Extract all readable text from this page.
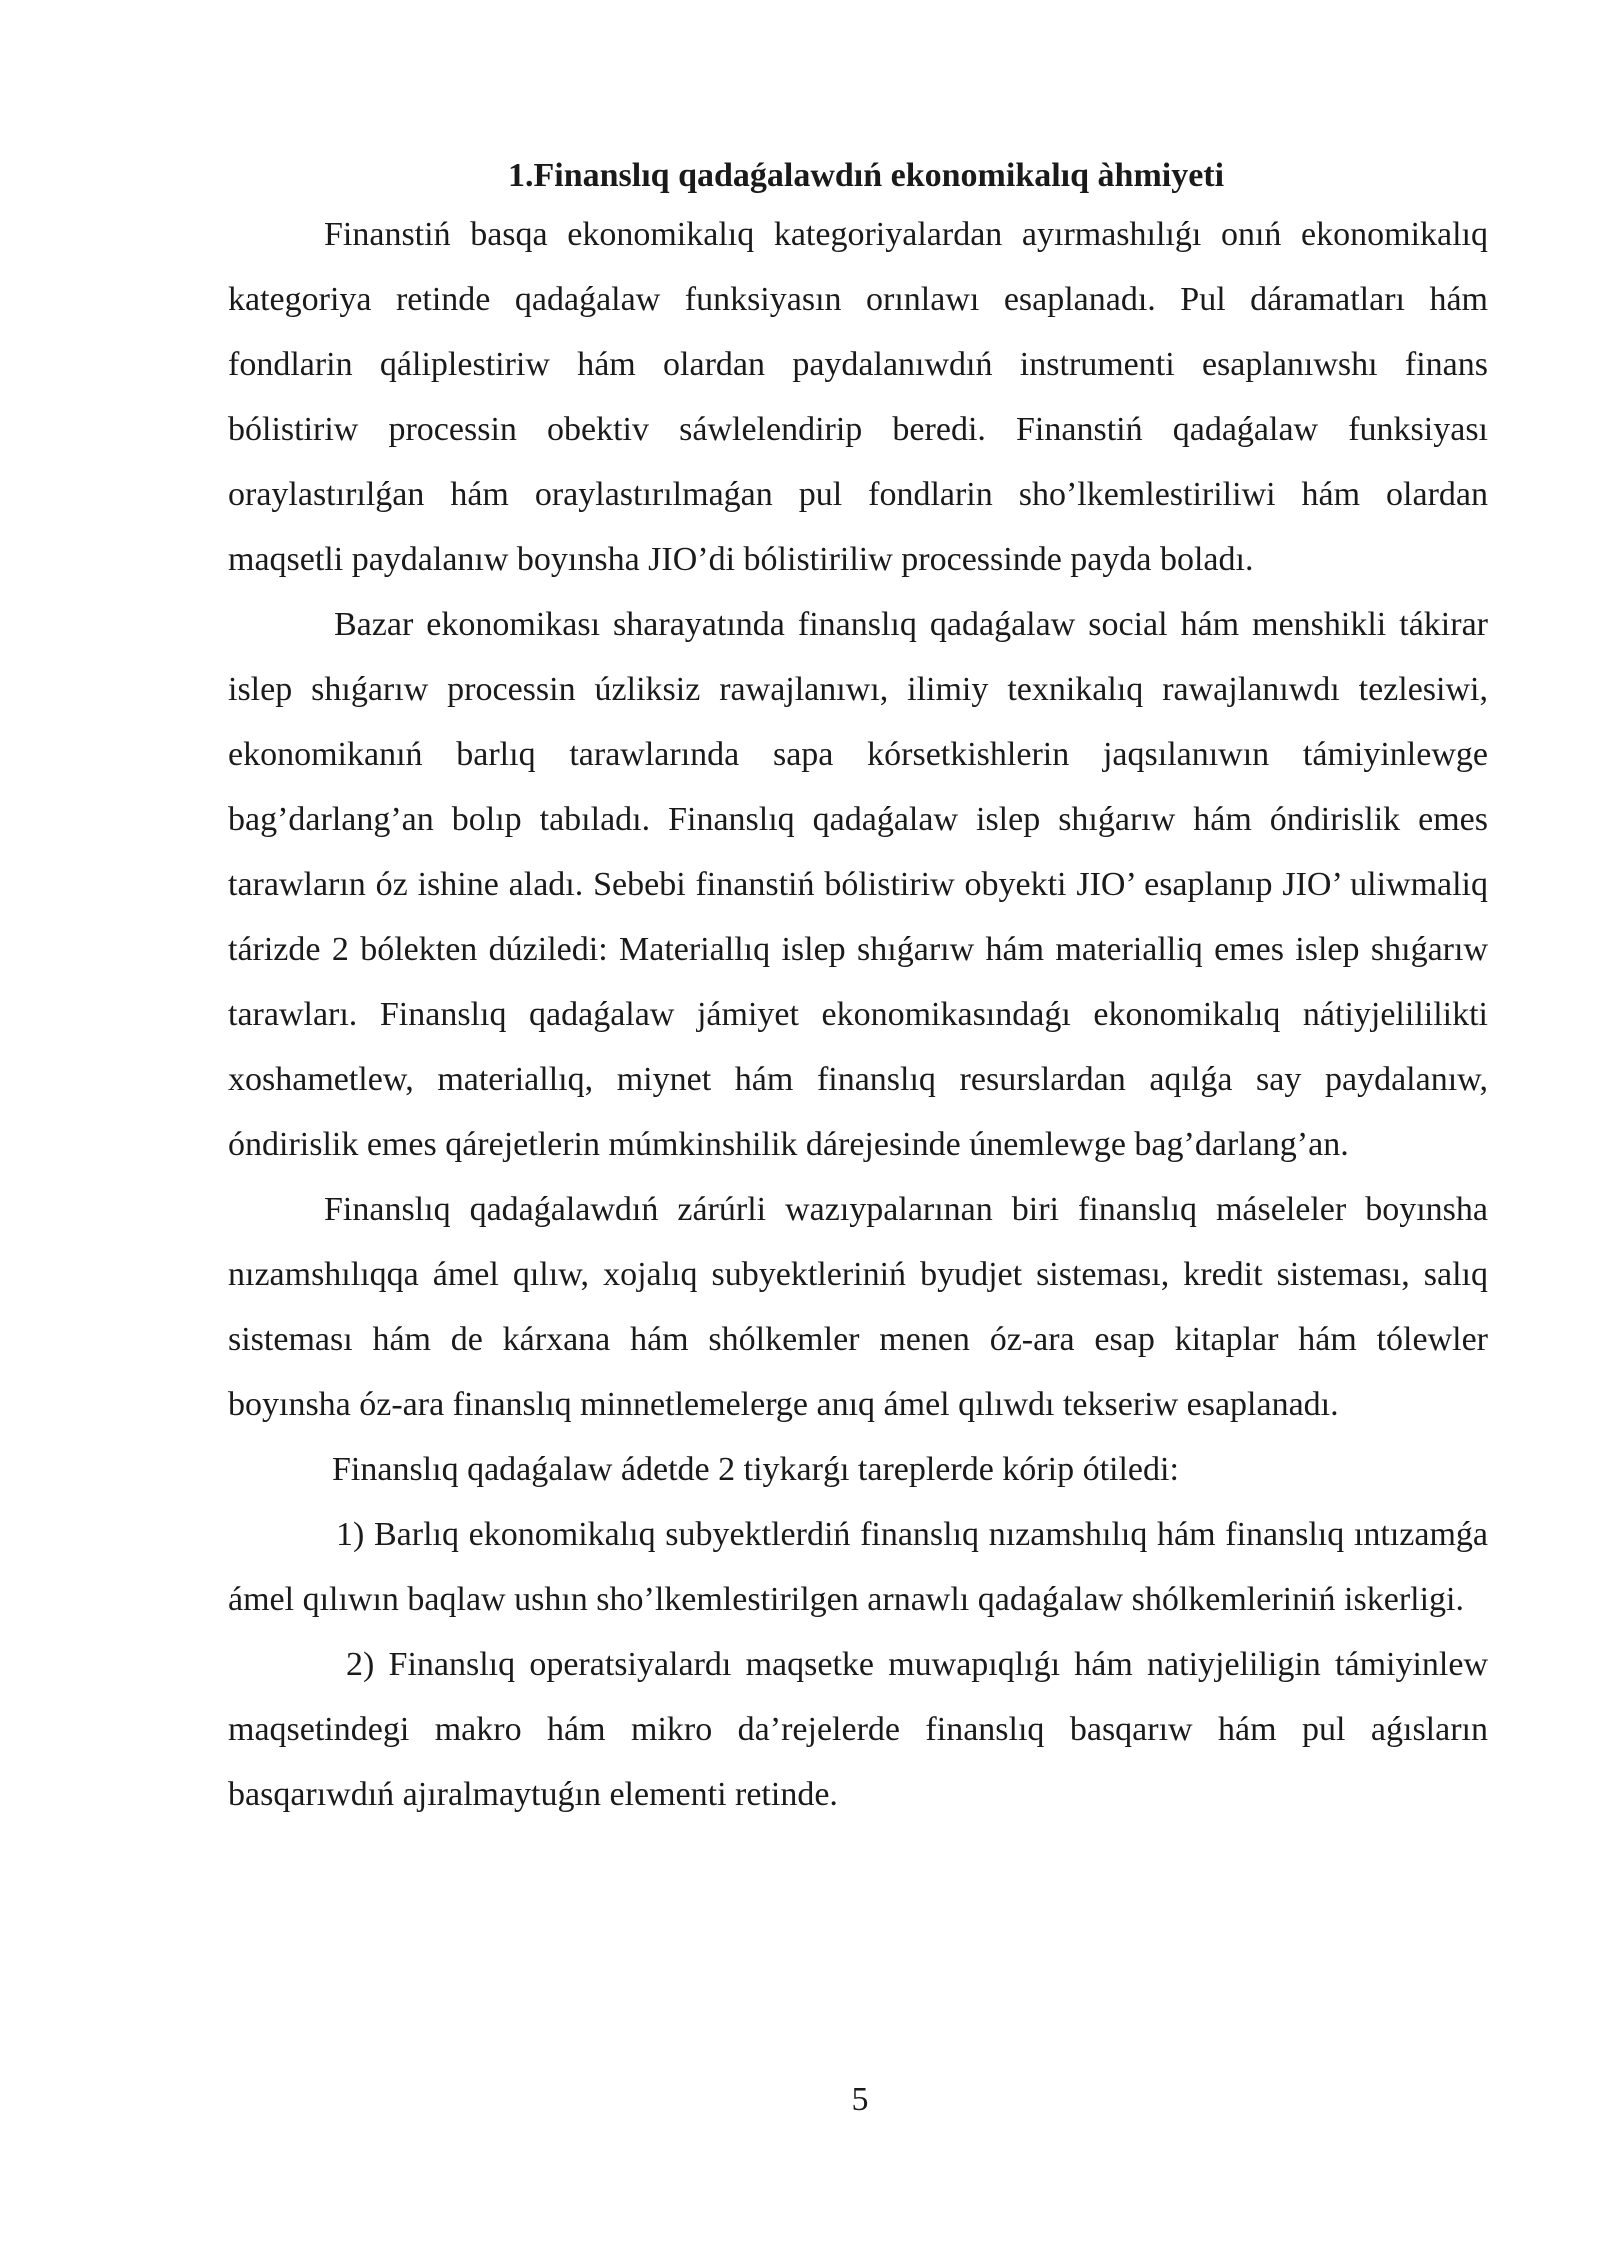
1.Finanslıq qadaǵalawdıń ekonomikalıq àhmiyeti

Finanstiń basqa ekonomikalıq kategoriyalardan ayırmashılıǵı onıń ekonomikalıq kategoriya retinde qadaǵalaw funksiyasın orınlawı esaplanadı. Pul dáramatları hám fondlarin qáliplestiriw hám olardan paydalanıwdıń instrumenti esaplanıwshı finans bólistiriw processin obektiv sáwlelendirip beredi. Finanstiń qadaǵalaw funksiyası oraylastırılǵan hám oraylastırılmaǵan pul fondlarin sho’lkemlestiriliwi hám olardan maqsetli paydalanıw boyınsha JIO’di bólistiriliw processinde payda boladı.

Bazar ekonomikası sharayatında finanslıq qadaǵalaw social hám menshikli tákirar islep shıǵarıw processin úzliksiz rawajlanıwı, ilimiy texnikalıq rawajlanıwdı tezlesiwi, ekonomikanıń barlıq tarawlarında sapa kórsetkishlerin jaqsılanıwın támiyinlewge bag’darlang’an bolıp tabıladı. Finanslıq qadaǵalaw islep shıǵarıw hám óndirislik emes tarawların óz ishine aladı. Sebebi finanstiń bólistiriw obyekti JIO’ esaplanıp JIO’ uliwmaliq tárizde 2 bólekten dúziledi: Materiallıq islep shıǵarıw hám materialliq emes islep shıǵarıw tarawları. Finanslıq qadaǵalaw jámiyet ekonomikasındaǵı ekonomikalıq nátiyjelililikti xoshametlew, materiallıq, miynet hám finanslıq resurslardan aqılǵa say paydalanıw, óndirislik emes qárejetlerin múmkinshilik dárejesinde únemlewge bag’darlang’an.

Finanslıq qadaǵalawdıń zárúrli wazıypalarınan biri finanslıq máseleler boyınsha nızamshılıqqa ámel qılıw, xojalıq subyektleriniń byudjet sisteması, kredit sisteması, salıq sisteması hám de kárxana hám shólkemler menen óz-ara esap kitaplar hám tólewler boyınsha óz-ara finanslıq minnetlemelerge anıq ámel qılıwdı tekseriw esaplanadı.

Finanslıq qadaǵalaw ádetde 2 tiykarǵı tareplerde kórip ótiledi:

1) Barlıq ekonomikalıq subyektlerdiń finanslıq nızamshılıq hám finanslıq ıntızamǵa ámel qılıwın baqlaw ushın sho’lkemlestirilgen arnawlı qadaǵalaw shólkemleriniń iskerligi.

2) Finanslıq operatsiyalardı maqsetke muwapıqlıǵı hám natiyjeliligin támiyinlew maqsetindegi makro hám mikro da’rejelerde finanslıq basqarıw hám pul aǵısların basqarıwdıń ajıralmaytuǵın elementi retinde.

5
